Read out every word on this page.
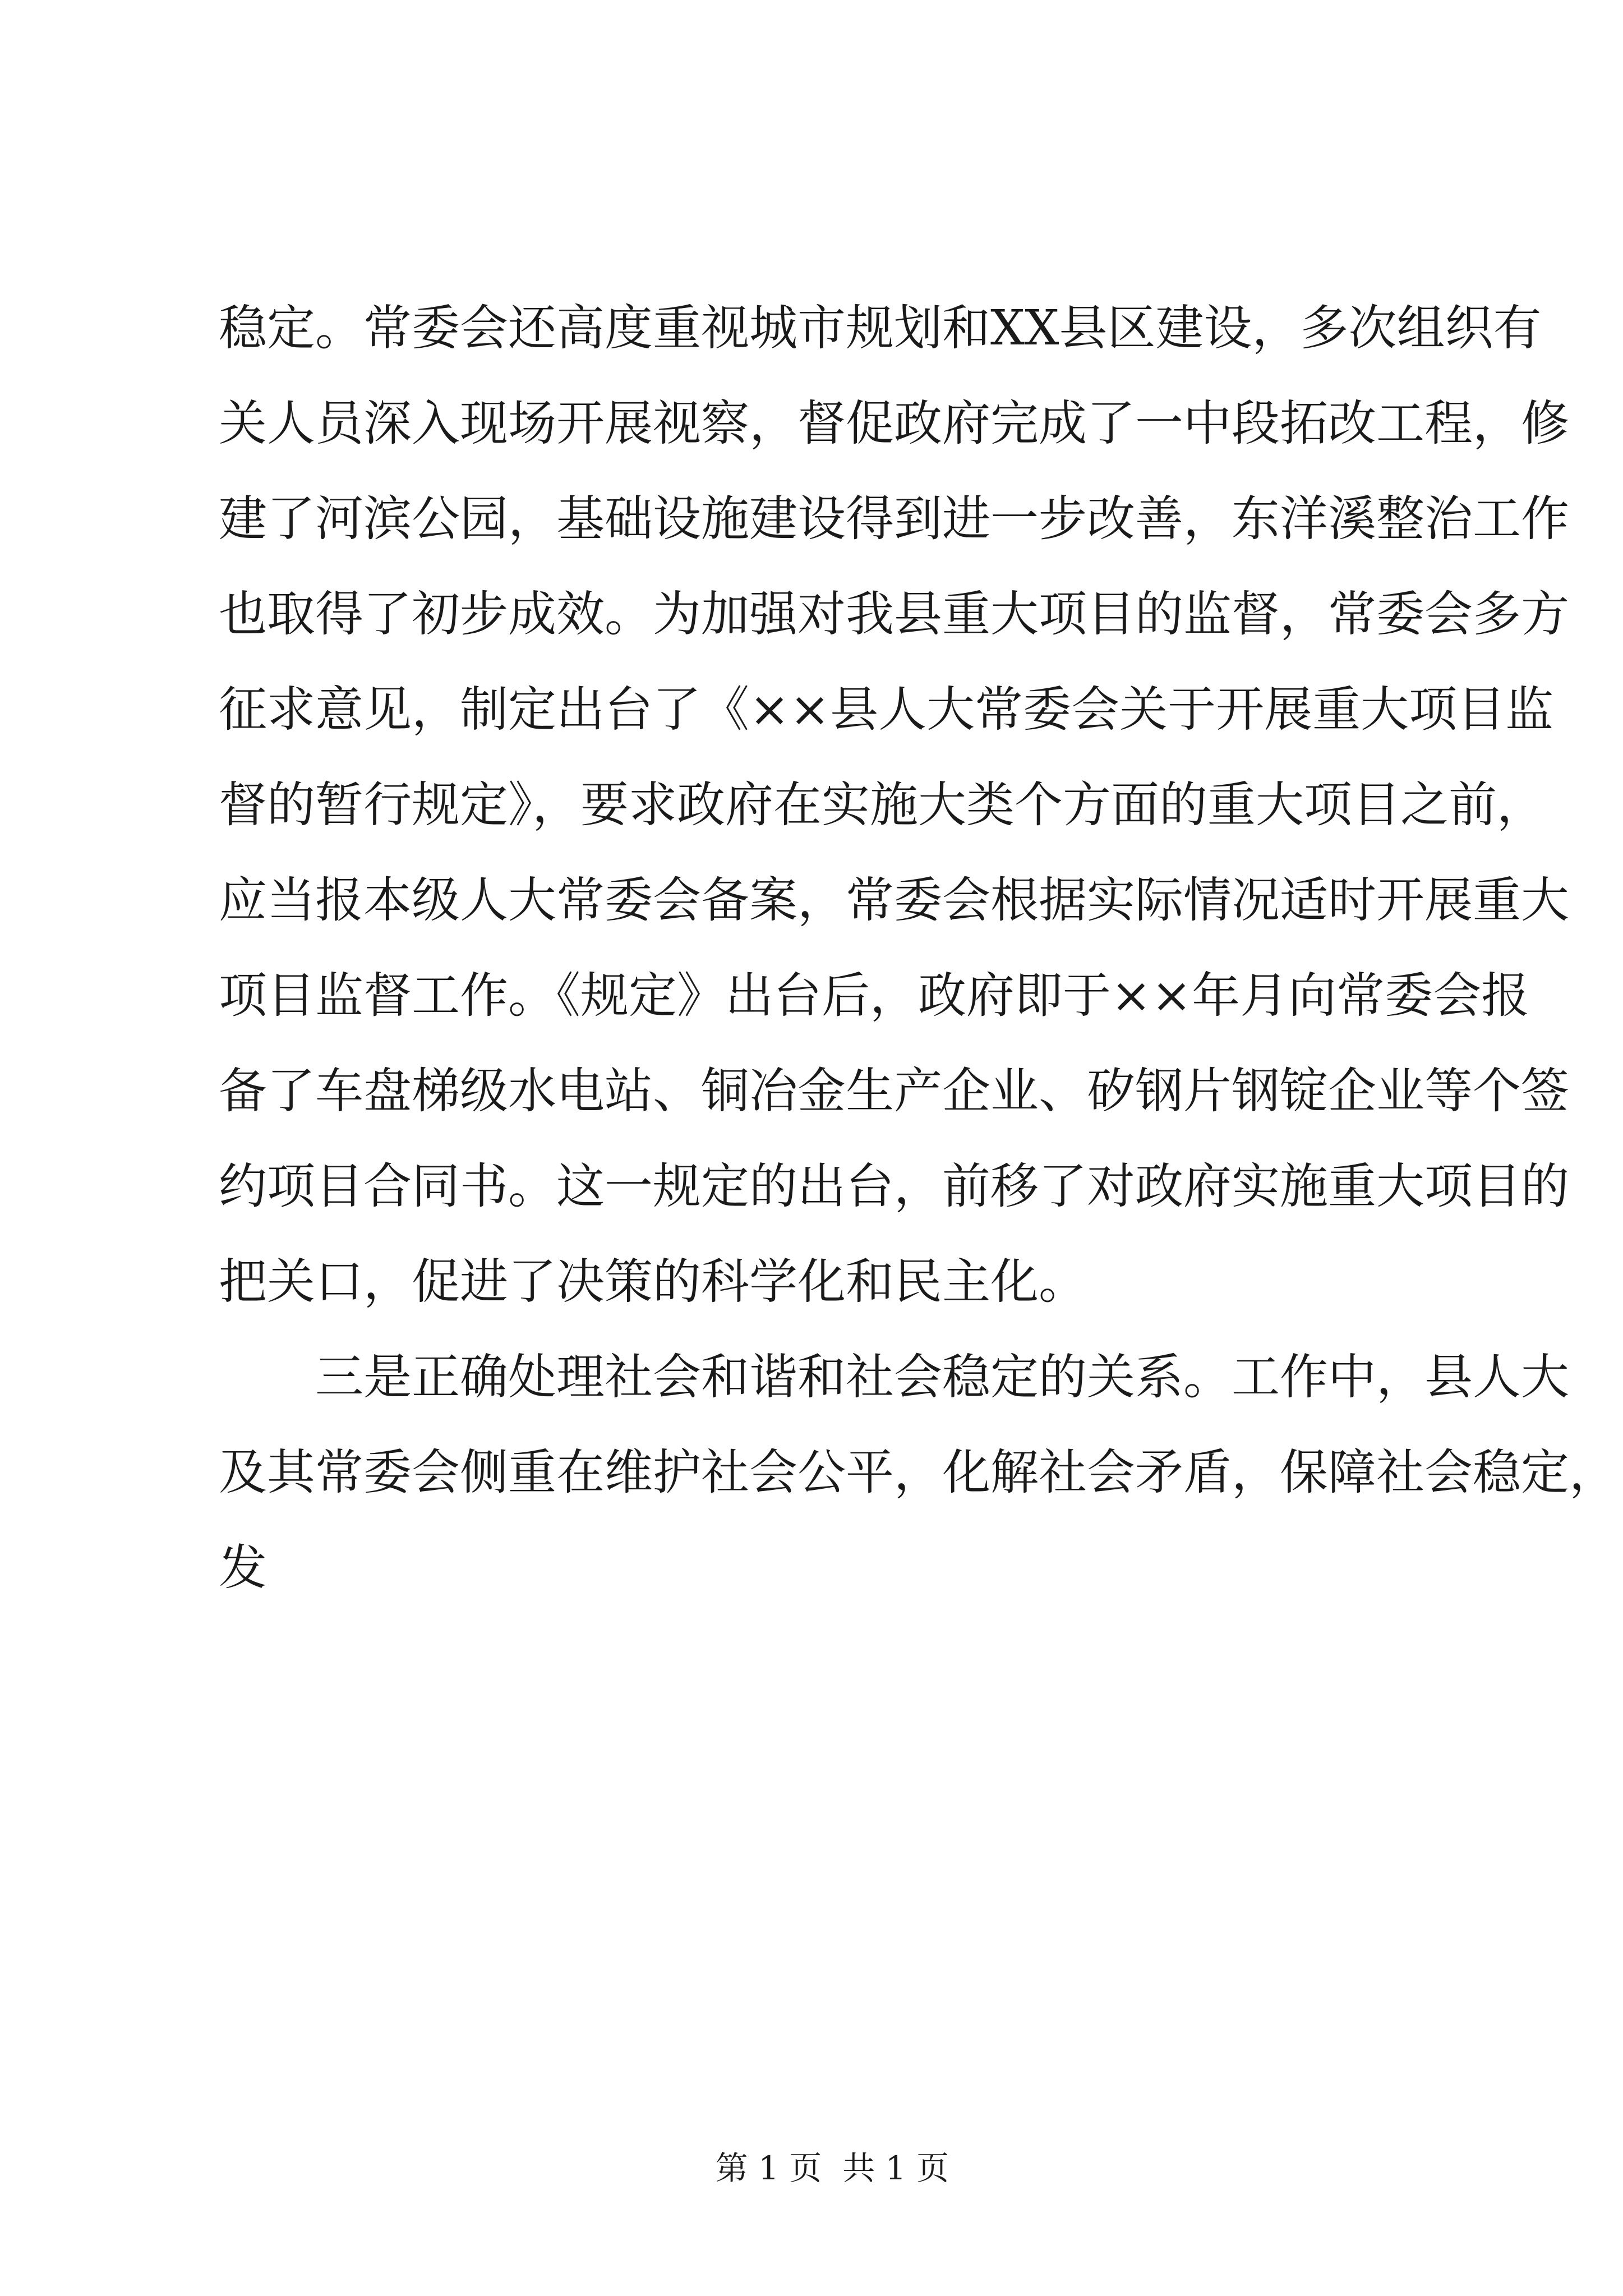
稳定。常委会还高度重视城市规划和XX县区建设，多次组织有
关人员深入现场开展视察，督促政府完成了一中段拓改工程，修
建了河滨公园，基础设施建设得到进一步改善，东洋溪整治工作
也取得了初步成效。为加强对我县重大项目的监督，常委会多方
征求意见，制定出台了《××县人大常委会关于开展重大项目监
督的暂行规定》，要求政府在实施大类个方面的重大项目之前，
应当报本级人大常委会备案，常委会根据实际情况适时开展重大
项目监督工作。《规定》出台后，政府即于××年月向常委会报
备了车盘梯级水电站、铜冶金生产企业、矽钢片钢锭企业等个签
约项目合同书。这一规定的出台，前移了对政府实施重大项目的
把关口，促进了决策的科学化和民主化。
三是正确处理社会和谐和社会稳定的关系。工作中，县人大
及其常委会侧重在维护社会公平，化解社会矛盾，保障社会稳定，
发

第 1 页  共 1 页
